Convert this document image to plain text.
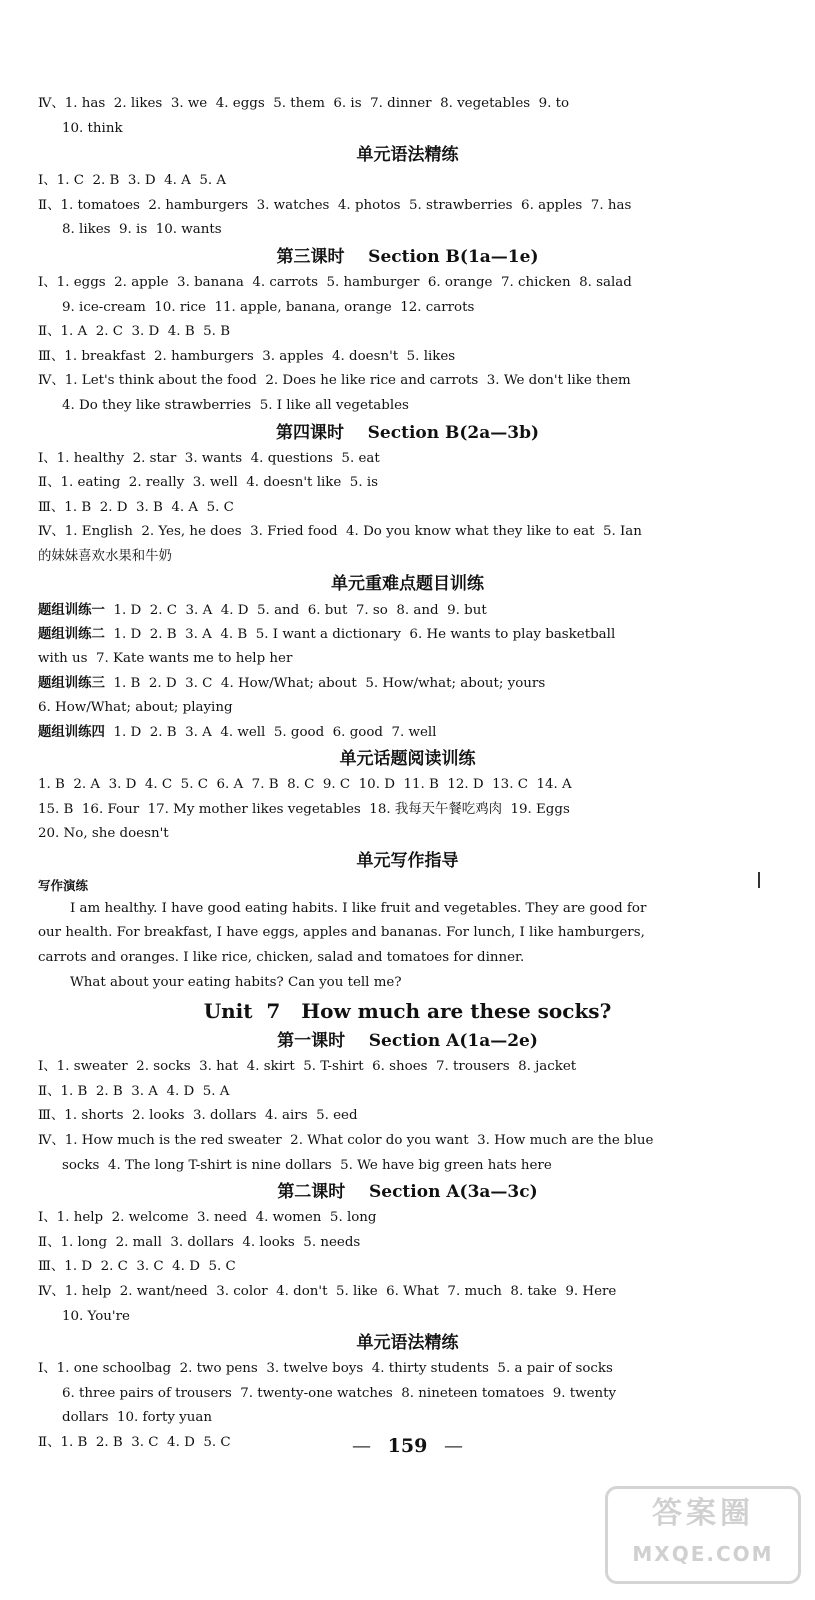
Ⅳ、1. has  2. likes  3. we  4. eggs  5. them  6. is  7. dinner  8. vegetables  9. to
10. think
单元语法精练
Ⅰ、1. C  2. B  3. D  4. A  5. A
Ⅱ、1. tomatoes  2. hamburgers  3. watches  4. photos  5. strawberries  6. apples  7. has
8. likes  9. is  10. wants
第三课时    Section B(1a—1e)
Ⅰ、1. eggs  2. apple  3. banana  4. carrots  5. hamburger  6. orange  7. chicken  8. salad
9. ice-cream  10. rice  11. apple, banana, orange  12. carrots
Ⅱ、1. A  2. C  3. D  4. B  5. B
Ⅲ、1. breakfast  2. hamburgers  3. apples  4. doesn't  5. likes
Ⅳ、1. Let's think about the food  2. Does he like rice and carrots  3. We don't like them
4. Do they like strawberries  5. I like all vegetables
第四课时    Section B(2a—3b)
Ⅰ、1. healthy  2. star  3. wants  4. questions  5. eat
Ⅱ、1. eating  2. really  3. well  4. doesn't like  5. is
Ⅲ、1. B  2. D  3. B  4. A  5. C
Ⅳ、1. English  2. Yes, he does  3. Fried food  4. Do you know what they like to eat  5. Ian
的妹妹喜欢水果和牛奶
单元重难点题目训练
题组训练一  1. D  2. C  3. A  4. D  5. and  6. but  7. so  8. and  9. but
题组训练二  1. D  2. B  3. A  4. B  5. I want a dictionary  6. He wants to play basketball
with us  7. Kate wants me to help her
题组训练三  1. B  2. D  3. C  4. How/What; about  5. How/what; about; yours
6. How/What; about; playing
题组训练四  1. D  2. B  3. A  4. well  5. good  6. good  7. well
单元话题阅读训练
1. B  2. A  3. D  4. C  5. C  6. A  7. B  8. C  9. C  10. D  11. B  12. D  13. C  14. A
15. B  16. Four  17. My mother likes vegetables  18. 我每天午餐吃鸡肉  19. Eggs
20. No, she doesn't
单元写作指导
写作演练
I am healthy. I have good eating habits. I like fruit and vegetables. They are good for
our health. For breakfast, I have eggs, apples and bananas. For lunch, I like hamburgers,
carrots and oranges. I like rice, chicken, salad and tomatoes for dinner.
What about your eating habits? Can you tell me?
Unit  7   How much are these socks?
第一课时    Section A(1a—2e)
Ⅰ、1. sweater  2. socks  3. hat  4. skirt  5. T-shirt  6. shoes  7. trousers  8. jacket
Ⅱ、1. B  2. B  3. A  4. D  5. A
Ⅲ、1. shorts  2. looks  3. dollars  4. airs  5. eed
Ⅳ、1. How much is the red sweater  2. What color do you want  3. How much are the blue
socks  4. The long T-shirt is nine dollars  5. We have big green hats here
第二课时    Section A(3a—3c)
Ⅰ、1. help  2. welcome  3. need  4. women  5. long
Ⅱ、1. long  2. mall  3. dollars  4. looks  5. needs
Ⅲ、1. D  2. C  3. C  4. D  5. C
Ⅳ、1. help  2. want/need  3. color  4. don't  5. like  6. What  7. much  8. take  9. Here
10. You're
单元语法精练
Ⅰ、1. one schoolbag  2. two pens  3. twelve boys  4. thirty students  5. a pair of socks
6. three pairs of trousers  7. twenty-one watches  8. nineteen tomatoes  9. twenty
dollars  10. forty yuan
Ⅱ、1. B  2. B  3. C  4. D  5. C	— 159 —
答案圈
MXQE.COM
